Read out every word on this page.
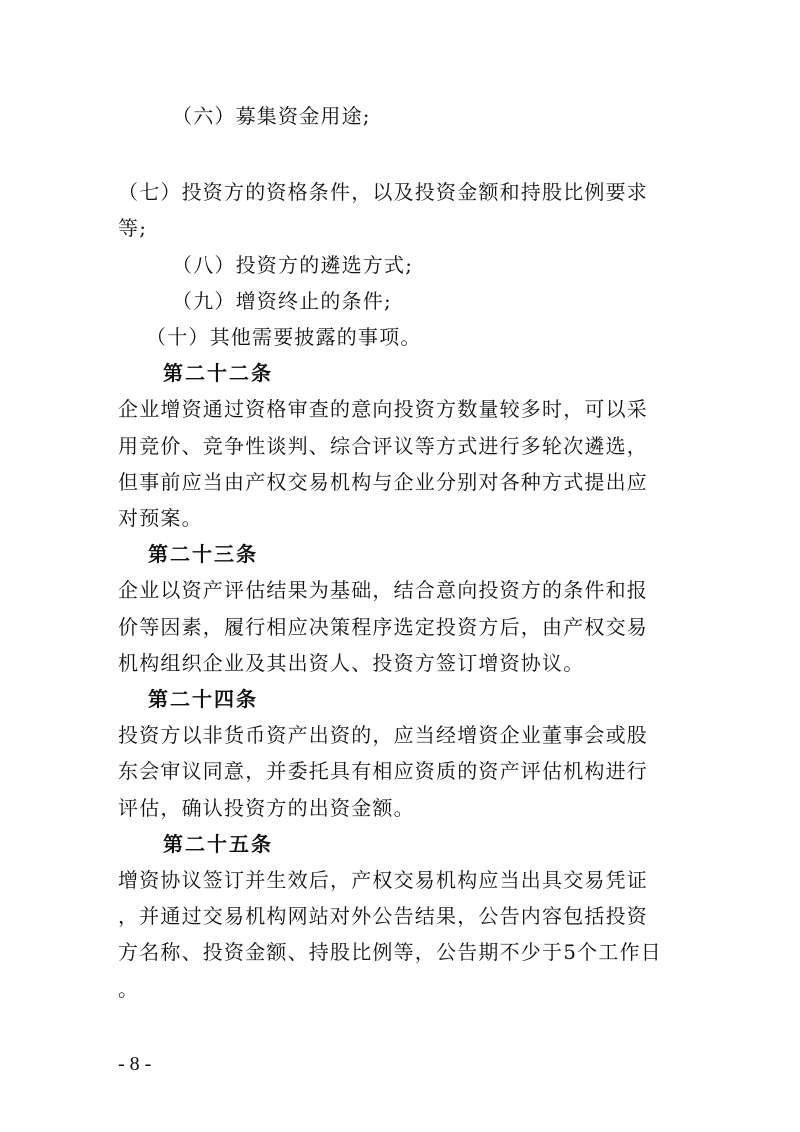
（六）募集资金用途;
（七）投资方的资格条件，以及投资金额和持股比例要求
等;
（八）投资方的遴选方式;
（九）增资终止的条件;
（十）其他需要披露的事项。
第二十二条
企业增资通过资格审查的意向投资方数量较多时，可以采
用竞价、竞争性谈判、综合评议等方式进行多轮次遴选，
但事前应当由产权交易机构与企业分别对各种方式提出应
对预案。
第二十三条
企业以资产评估结果为基础，结合意向投资方的条件和报
价等因素，履行相应决策程序选定投资方后，由产权交易
机构组织企业及其出资人、投资方签订增资协议。
第二十四条
投资方以非货币资产出资的，应当经增资企业董事会或股
东会审议同意，并委托具有相应资质的资产评估机构进行
评估，确认投资方的出资金额。
第二十五条
增资协议签订并生效后，产权交易机构应当出具交易凭证
，并通过交易机构网站对外公告结果，公告内容包括投资
方名称、投资金额、持股比例等，公告期不少于5个工作日
。
- 8 -
